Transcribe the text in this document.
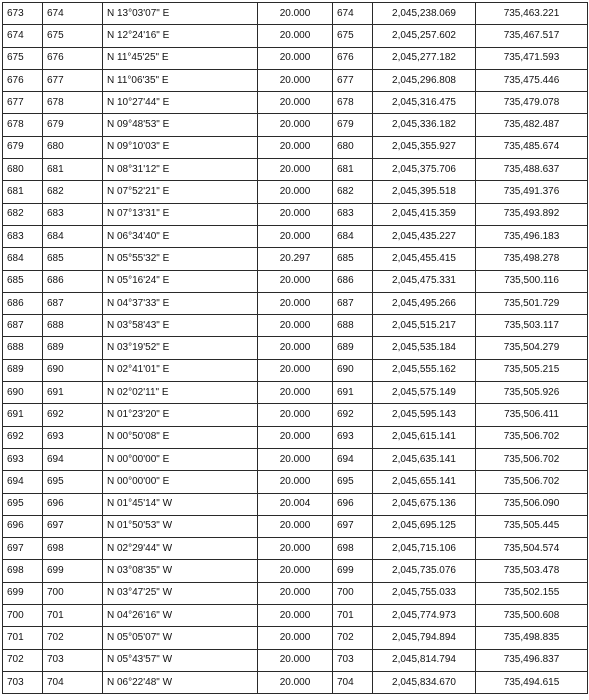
673	674	N 13°03'07" E	20.000	674	2,045,238.069	735,463.221
674	675	N 12°24'16" E	20.000	675	2,045,257.602	735,467.517
675	676	N 11°45'25" E	20.000	676	2,045,277.182	735,471.593
676	677	N 11°06'35" E	20.000	677	2,045,296.808	735,475.446
677	678	N 10°27'44" E	20.000	678	2,045,316.475	735,479.078
678	679	N 09°48'53" E	20.000	679	2,045,336.182	735,482.487
679	680	N 09°10'03" E	20.000	680	2,045,355.927	735,485.674
680	681	N 08°31'12" E	20.000	681	2,045,375.706	735,488.637
681	682	N 07°52'21" E	20.000	682	2,045,395.518	735,491.376
682	683	N 07°13'31" E	20.000	683	2,045,415.359	735,493.892
683	684	N 06°34'40" E	20.000	684	2,045,435.227	735,496.183
684	685	N 05°55'32" E	20.297	685	2,045,455.415	735,498.278
685	686	N 05°16'24" E	20.000	686	2,045,475.331	735,500.116
686	687	N 04°37'33" E	20.000	687	2,045,495.266	735,501.729
687	688	N 03°58'43" E	20.000	688	2,045,515.217	735,503.117
688	689	N 03°19'52" E	20.000	689	2,045,535.184	735,504.279
689	690	N 02°41'01" E	20.000	690	2,045,555.162	735,505.215
690	691	N 02°02'11" E	20.000	691	2,045,575.149	735,505.926
691	692	N 01°23'20" E	20.000	692	2,045,595.143	735,506.411
692	693	N 00°50'08" E	20.000	693	2,045,615.141	735,506.702
693	694	N 00°00'00" E	20.000	694	2,045,635.141	735,506.702
694	695	N 00°00'00" E	20.000	695	2,045,655.141	735,506.702
695	696	N 01°45'14" W	20.004	696	2,045,675.136	735,506.090
696	697	N 01°50'53" W	20.000	697	2,045,695.125	735,505.445
697	698	N 02°29'44" W	20.000	698	2,045,715.106	735,504.574
698	699	N 03°08'35" W	20.000	699	2,045,735.076	735,503.478
699	700	N 03°47'25" W	20.000	700	2,045,755.033	735,502.155
700	701	N 04°26'16" W	20.000	701	2,045,774.973	735,500.608
701	702	N 05°05'07" W	20.000	702	2,045,794.894	735,498.835
702	703	N 05°43'57" W	20.000	703	2,045,814.794	735,496.837
703	704	N 06°22'48" W	20.000	704	2,045,834.670	735,494.615
